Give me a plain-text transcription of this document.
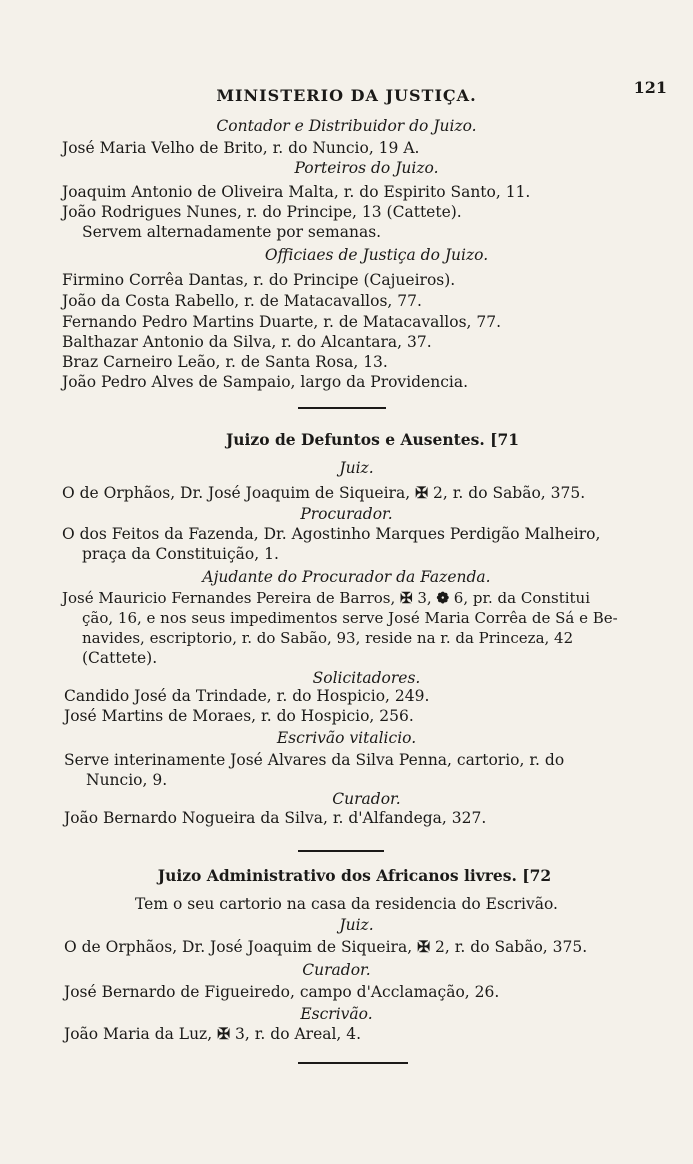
MINISTERIO DA JUSTIÇA.	121
Contador e Distribuidor do Juizo.
José Maria Velho de Brito, r. do Nuncio, 19 A.
Porteiros do Juizo.
Joaquim Antonio de Oliveira Malta, r. do Espirito Santo, 11.
João Rodrigues Nunes, r. do Principe, 13 (Cattete).
Servem alternadamente por semanas.
Officiaes de Justiça do Juizo.
Firmino Corrêa Dantas, r. do Principe (Cajueiros).
João da Costa Rabello, r. de Matacavallos, 77.
Fernando Pedro Martins Duarte, r. de Matacavallos, 77.
Balthazar Antonio da Silva, r. do Alcantara, 37.
Braz Carneiro Leão, r. de Santa Rosa, 13.
João Pedro Alves de Sampaio, largo da Providencia.
Juizo de Defuntos e Ausentes. [71
Juiz.
O de Orphãos, Dr. José Joaquim de Siqueira, ✠ 2, r. do Sabão, 375.
Procurador.
O dos Feitos da Fazenda, Dr. Agostinho Marques Perdigão Malheiro,
praça da Constituição, 1.
Ajudante do Procurador da Fazenda.
José Mauricio Fernandes Pereira de Barros, ✠ 3, ❁ 6, pr. da Constitui
ção, 16, e nos seus impedimentos serve José Maria Corrêa de Sá e Be-
navides, escriptorio, r. do Sabão, 93, reside na r. da Princeza, 42
(Cattete).
Solicitadores.
Candido José da Trindade, r. do Hospicio, 249.
José Martins de Moraes, r. do Hospicio, 256.
Escrivão vitalicio.
Serve interinamente José Alvares da Silva Penna, cartorio, r. do
Nuncio, 9.
Curador.
João Bernardo Nogueira da Silva, r. d'Alfandega, 327.
Juizo Administrativo dos Africanos livres. [72
Tem o seu cartorio na casa da residencia do Escrivão.
Juiz.
O de Orphãos, Dr. José Joaquim de Siqueira, ✠ 2, r. do Sabão, 375.
Curador.
José Bernardo de Figueiredo, campo d'Acclamação, 26.
Escrivão.
João Maria da Luz, ✠ 3, r. do Areal, 4.
